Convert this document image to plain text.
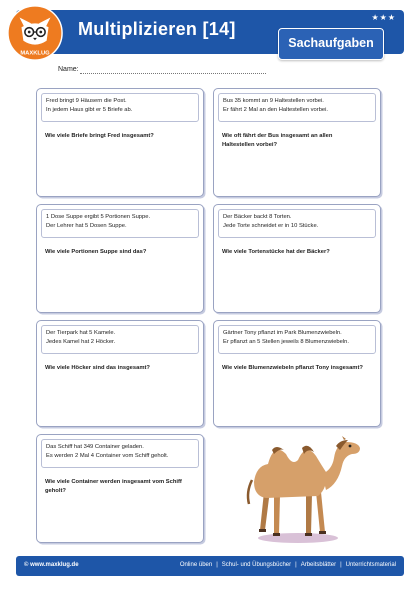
Multiplizieren [14]
★★★
Sachaufgaben
MAXKLUG
Name:
Fred bringt 9 Häusern die Post.
In jedem Haus gibt er 5 Briefe ab.
Wie viele Briefe bringt Fred insgesamt?
Bus 35 kommt an 9 Haltestellen vorbei.
Er fährt 2 Mal an den Haltestellen vorbei.
Wie oft fährt der Bus insgesamt an allen
Haltestellen vorbei?
1 Dose Suppe ergibt 5 Portionen Suppe.
Der Lehrer hat 5 Dosen Suppe.
Wie viele Portionen Suppe sind das?
Der Bäcker backt 8 Torten.
Jede Torte schneidet er in 10 Stücke.
Wie viele Tortenstücke hat der Bäcker?
Der Tierpark hat 5 Kamele.
Jedes Kamel hat 2 Höcker.
Wie viele Höcker sind das insgesamt?
Gärtner Tony pflanzt im Park Blumenzwiebeln.
Er pflanzt an 5 Stellen jeweils 8 Blumenzwiebeln.
Wie viele Blumenzwiebeln pflanzt Tony insgesamt?
Das Schiff hat 349 Container geladen.
Es werden 2 Mal 4 Container vom Schiff geholt.
Wie viele Container werden insgesamt vom Schiff
geholt?
© www.maxklug.de	Online üben | Schul- und Übungsbücher | Arbeitsblätter | Unterrichtsmaterial
